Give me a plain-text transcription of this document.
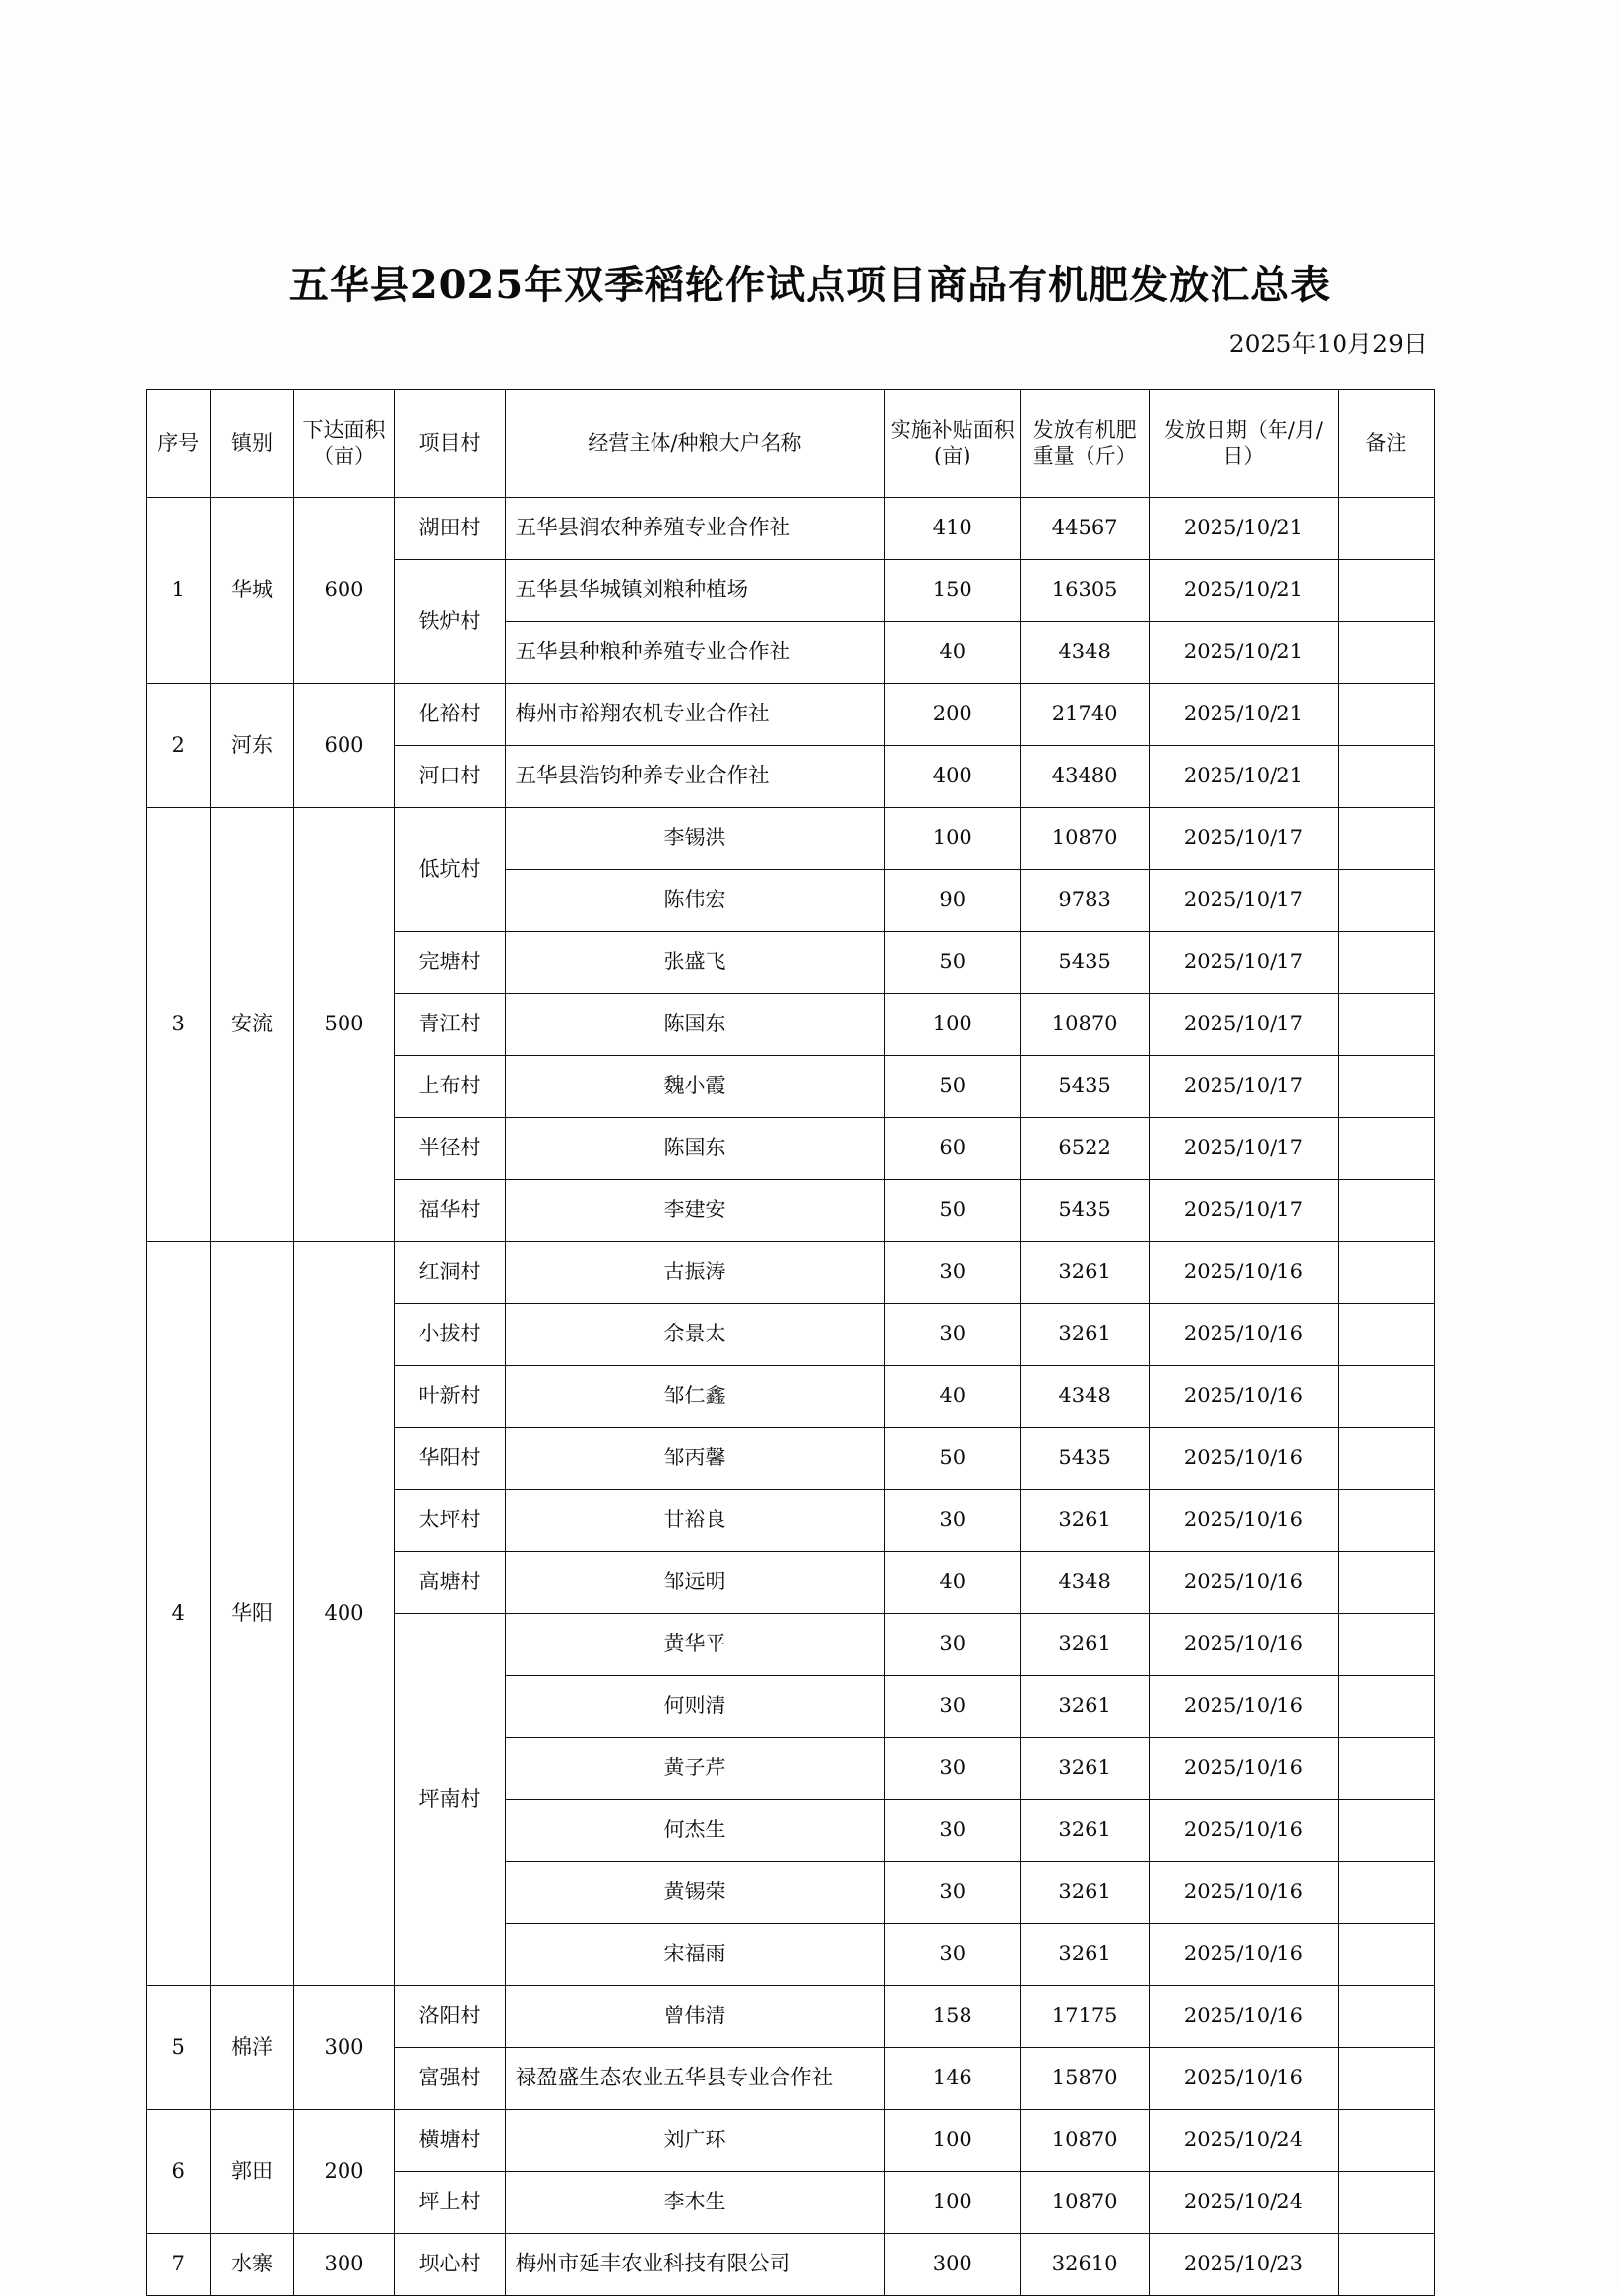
五华县2025年双季稻轮作试点项目商品有机肥发放汇总表
2025年10月29日
序号	镇别	下达面积（亩）	项目村	经营主体/种粮大户名称	实施补贴面积(亩)	发放有机肥重量（斤）	发放日期（年/月/日）	备注
1	华城	600	湖田村	五华县润农种养殖专业合作社	410	44567	2025/10/21	
			铁炉村	五华县华城镇刘粮种植场	150	16305	2025/10/21	
				五华县种粮种养殖专业合作社	40	4348	2025/10/21	
2	河东	600	化裕村	梅州市裕翔农机专业合作社	200	21740	2025/10/21	
			河口村	五华县浩钧种养专业合作社	400	43480	2025/10/21	
3	安流	500	低坑村	李锡洪	100	10870	2025/10/17	
				陈伟宏	90	9783	2025/10/17	
			完塘村	张盛飞	50	5435	2025/10/17	
			青江村	陈国东	100	10870	2025/10/17	
			上布村	魏小霞	50	5435	2025/10/17	
			半径村	陈国东	60	6522	2025/10/17	
			福华村	李建安	50	5435	2025/10/17	
4	华阳	400	红洞村	古振涛	30	3261	2025/10/16	
			小拔村	余景太	30	3261	2025/10/16	
			叶新村	邹仁鑫	40	4348	2025/10/16	
			华阳村	邹丙馨	50	5435	2025/10/16	
			太坪村	甘裕良	30	3261	2025/10/16	
			高塘村	邹远明	40	4348	2025/10/16	
			坪南村	黄华平	30	3261	2025/10/16	
				何则清	30	3261	2025/10/16	
				黄子芹	30	3261	2025/10/16	
				何杰生	30	3261	2025/10/16	
				黄锡荣	30	3261	2025/10/16	
				宋福雨	30	3261	2025/10/16	
5	棉洋	300	洛阳村	曾伟清	158	17175	2025/10/16	
			富强村	禄盈盛生态农业五华县专业合作社	146	15870	2025/10/16	
6	郭田	200	横塘村	刘广环	100	10870	2025/10/24	
			坪上村	李木生	100	10870	2025/10/24	
7	水寨	300	坝心村	梅州市延丰农业科技有限公司	300	32610	2025/10/23	
